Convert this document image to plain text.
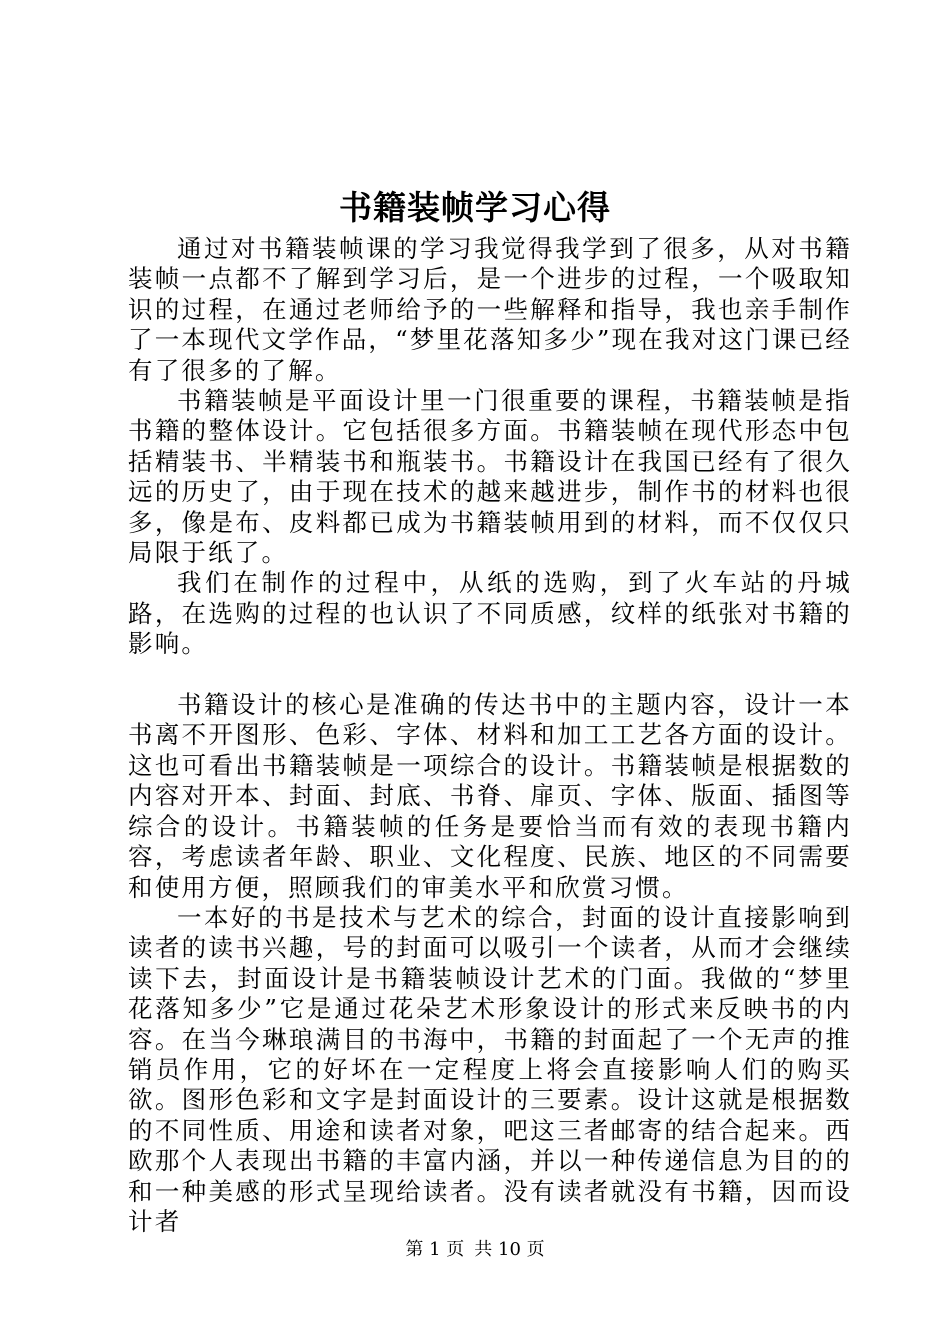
书籍装帧学习心得

通过对书籍装帧课的学习我觉得我学到了很多，从对书籍装帧一点都不了解到学习后，是一个进步的过程，一个吸取知识的过程，在通过老师给予的一些解释和指导，我也亲手制作了一本现代文学作品，“梦里花落知多少”现在我对这门课已经有了很多的了解。

书籍装帧是平面设计里一门很重要的课程，书籍装帧是指书籍的整体设计。它包括很多方面。书籍装帧在现代形态中包括精装书、半精装书和瓶装书。书籍设计在我国已经有了很久远的历史了，由于现在技术的越来越进步，制作书的材料也很多，像是布、皮料都已成为书籍装帧用到的材料，而不仅仅只局限于纸了。

我们在制作的过程中，从纸的选购，到了火车站的丹城路，在选购的过程的也认识了不同质感，纹样的纸张对书籍的影响。

书籍设计的核心是准确的传达书中的主题内容，设计一本书离不开图形、色彩、字体、材料和加工工艺各方面的设计。这也可看出书籍装帧是一项综合的设计。书籍装帧是根据数的内容对开本、封面、封底、书脊、扉页、字体、版面、插图等综合的设计。书籍装帧的任务是要恰当而有效的表现书籍内容，考虑读者年龄、职业、文化程度、民族、地区的不同需要和使用方便，照顾我们的审美水平和欣赏习惯。

一本好的书是技术与艺术的综合，封面的设计直接影响到读者的读书兴趣，号的封面可以吸引一个读者，从而才会继续读下去，封面设计是书籍装帧设计艺术的门面。我做的“梦里花落知多少”它是通过花朵艺术形象设计的形式来反映书的内容。在当今琳琅满目的书海中，书籍的封面起了一个无声的推销员作用，它的好坏在一定程度上将会直接影响人们的购买欲。图形色彩和文字是封面设计的三要素。设计这就是根据数的不同性质、用途和读者对象，吧这三者邮寄的结合起来。西欧那个人表现出书籍的丰富内涵，并以一种传递信息为目的的和一种美感的形式呈现给读者。没有读者就没有书籍，因而设计者

第 1 页 共 10 页
